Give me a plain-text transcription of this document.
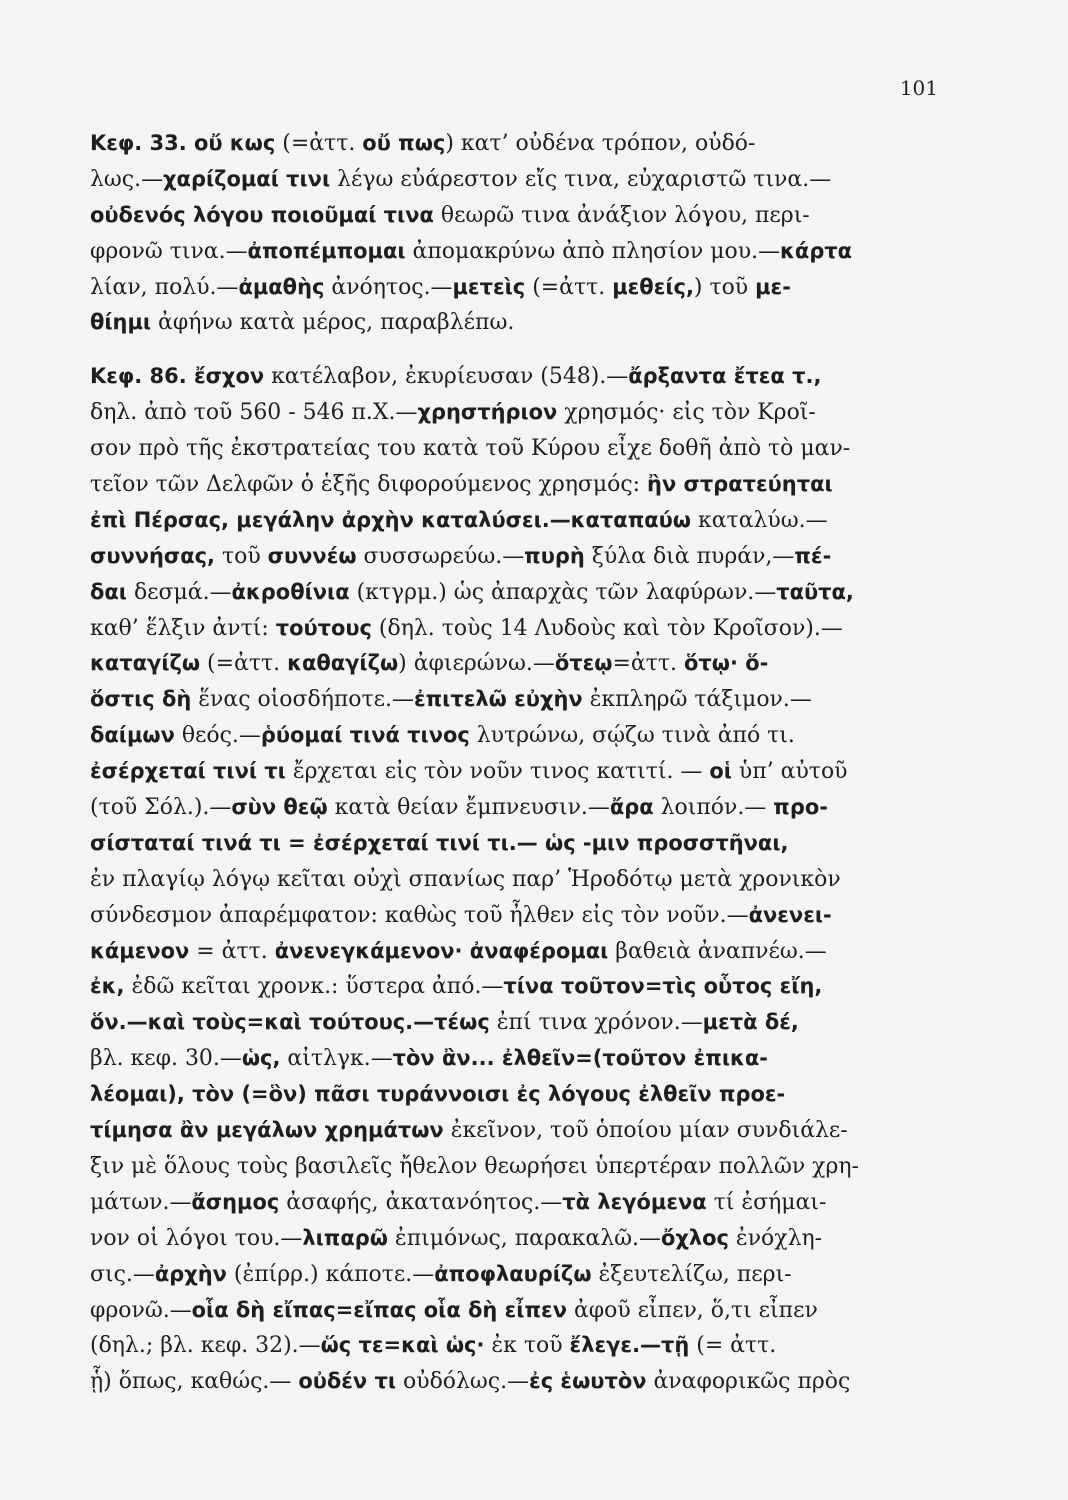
101
Κεφ. 33. οὔ κως (=ἀττ. οὔ πως) κατ’ οὐδένα τρόπον, οὐδό-
λως.—χαρίζομαί τινι λέγω εὐάρεστον εἴς τινα, εὐχαριστῶ τινα.—
οὐδενός λόγου ποιοῦμαί τινα θεωρῶ τινα ἀνάξιον λόγου, περι-
φρονῶ τινα.—ἀποπέμπομαι ἀπομακρύνω ἀπὸ πλησίον μου.—κάρτα
λίαν, πολύ.—ἀμαθὴς ἀνόητος.—μετεὶς (=ἀττ. μεθείς,) τοῦ με-
θίημι ἀφήνω κατὰ μέρος, παραβλέπω.
Κεφ. 86. ἔσχον κατέλαβον, ἐκυρίευσαν (548).—ἄρξαντα ἔτεα τ.,
δηλ. ἀπὸ τοῦ 560 - 546 π.Χ.—χρηστήριον χρησμός· εἰς τὸν Κροῖ-
σον πρὸ τῆς ἐκστρατείας του κατὰ τοῦ Κύρου εἶχε δοθῆ ἀπὸ τὸ μαν-
τεῖον τῶν Δελφῶν ὁ ἑξῆς διφορούμενος χρησμός: ἢν στρατεύηται
ἐπὶ Πέρσας, μεγάλην ἀρχὴν καταλύσει.—καταπαύω καταλύω.—
συννήσας, τοῦ συννέω συσσωρεύω.—πυρὴ ξύλα διὰ πυράν,—πέ-
δαι δεσμά.—ἀκροθίνια (κτγρμ.) ὡς ἀπαρχὰς τῶν λαφύρων.—ταῦτα,
καθ’ ἕλξιν ἀντί: τούτους (δηλ. τοὺς 14 Λυδοὺς καὶ τὸν Κροῖσον).—
καταγίζω (=ἀττ. καθαγίζω) ἀφιερώνω.—ὅτεῳ=ἀττ. ὅτῳ· ὅ-
ὅστις δὴ ἕνας οἱοσδήποτε.—ἐπιτελῶ εὐχὴν ἐκπληρῶ τάξιμον.—
δαίμων θεός.—ῥύομαί τινά τινος λυτρώνω, σῴζω τινὰ ἀπό τι.
ἐσέρχεταί τινί τι ἔρχεται εἰς τὸν νοῦν τινος κατιτί. — οἱ ὑπ’ αὐτοῦ
(τοῦ Σόλ.).—σὺν θεῷ κατὰ θείαν ἔμπνευσιν.—ἄρα λοιπόν.— προ-
σίσταταί τινά τι = ἐσέρχεταί τινί τι.— ὡς -μιν προσστῆναι,
ἐν πλαγίῳ λόγῳ κεῖται οὐχὶ σπανίως παρ’ Ἡροδότῳ μετὰ χρονικὸν
σύνδεσμον ἀπαρέμφατον: καθὼς τοῦ ἦλθεν εἰς τὸν νοῦν.—ἀνενει-
κάμενον = ἀττ. ἀνενεγκάμενον· ἀναφέρομαι βαθειὰ ἀναπνέω.—
ἐκ, ἐδῶ κεῖται χρονκ.: ὕστερα ἀπό.—τίνα τοῦτον=τὶς οὗτος εἴη,
ὅν.—καὶ τοὺς=καὶ τούτους.—τέως ἐπί τινα χρόνον.—μετὰ δέ,
βλ. κεφ. 30.—ὡς, αἰτλγκ.—τὸν ἂν... ἐλθεῖν=(τοῦτον ἐπικα-
λέομαι), τὸν (=ὃν) πᾶσι τυράννοισι ἐς λόγους ἐλθεῖν προε-
τίμησα ἂν μεγάλων χρημάτων ἐκεῖνον, τοῦ ὁποίου μίαν συνδιάλε-
ξιν μὲ ὅλους τοὺς βασιλεῖς ἤθελον θεωρήσει ὑπερτέραν πολλῶν χρη-
μάτων.—ἄσημος ἀσαφής, ἀκατανόητος.—τὰ λεγόμενα τί ἐσήμαι-
νον οἱ λόγοι του.—λιπαρῶ ἐπιμόνως, παρακαλῶ.—ὄχλος ἐνόχλη-
σις.—ἀρχὴν (ἐπίρρ.) κάποτε.—ἀποφλαυρίζω ἐξευτελίζω, περι-
φρονῶ.—οἷα δὴ εἴπας=εἴπας οἷα δὴ εἶπεν ἀφοῦ εἶπεν, ὅ,τι εἶπεν
(δηλ.; βλ. κεφ. 32).—ὥς τε=καὶ ὡς· ἐκ τοῦ ἔλεγε.—τῇ (= ἀττ.
ᾗ) ὅπως, καθώς.— οὐδέν τι οὐδόλως.—ἐς ἑωυτὸν ἀναφορικῶς πρὸς
